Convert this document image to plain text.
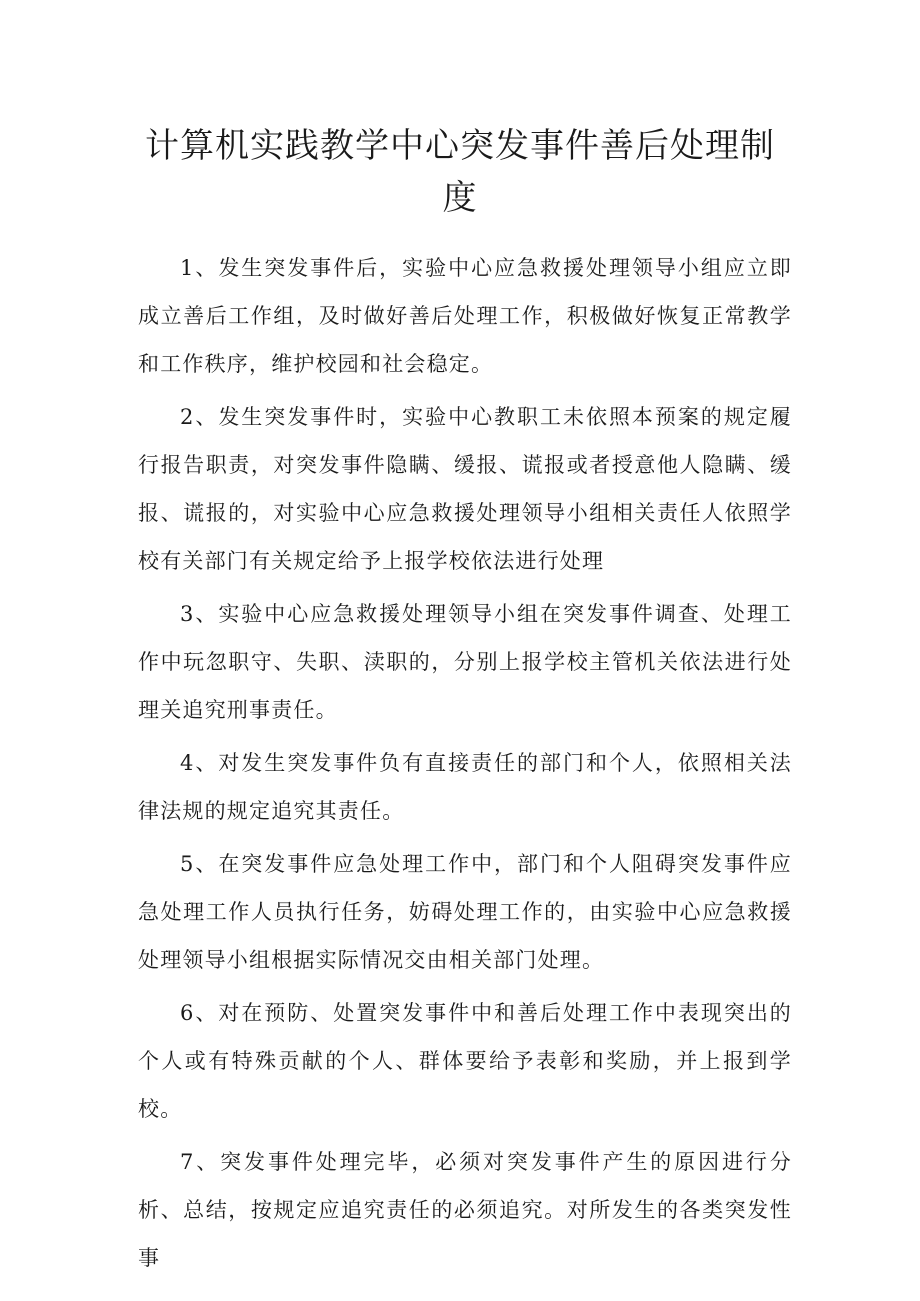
计算机实践教学中心突发事件善后处理制度

1、发生突发事件后，实验中心应急救援处理领导小组应立即成立善后工作组，及时做好善后处理工作，积极做好恢复正常教学和工作秩序，维护校园和社会稳定。

2、发生突发事件时，实验中心教职工未依照本预案的规定履行报告职责，对突发事件隐瞒、缓报、谎报或者授意他人隐瞒、缓报、谎报的，对实验中心应急救援处理领导小组相关责任人依照学校有关部门有关规定给予上报学校依法进行处理

3、实验中心应急救援处理领导小组在突发事件调查、处理工作中玩忽职守、失职、渎职的，分别上报学校主管机关依法进行处理关追究刑事责任。

4、对发生突发事件负有直接责任的部门和个人，依照相关法律法规的规定追究其责任。

5、在突发事件应急处理工作中，部门和个人阻碍突发事件应急处理工作人员执行任务，妨碍处理工作的，由实验中心应急救援处理领导小组根据实际情况交由相关部门处理。

6、对在预防、处置突发事件中和善后处理工作中表现突出的个人或有特殊贡献的个人、群体要给予表彰和奖励，并上报到学校。

7、突发事件处理完毕，必须对突发事件产生的原因进行分析、总结，按规定应追究责任的必须追究。对所发生的各类突发性事
